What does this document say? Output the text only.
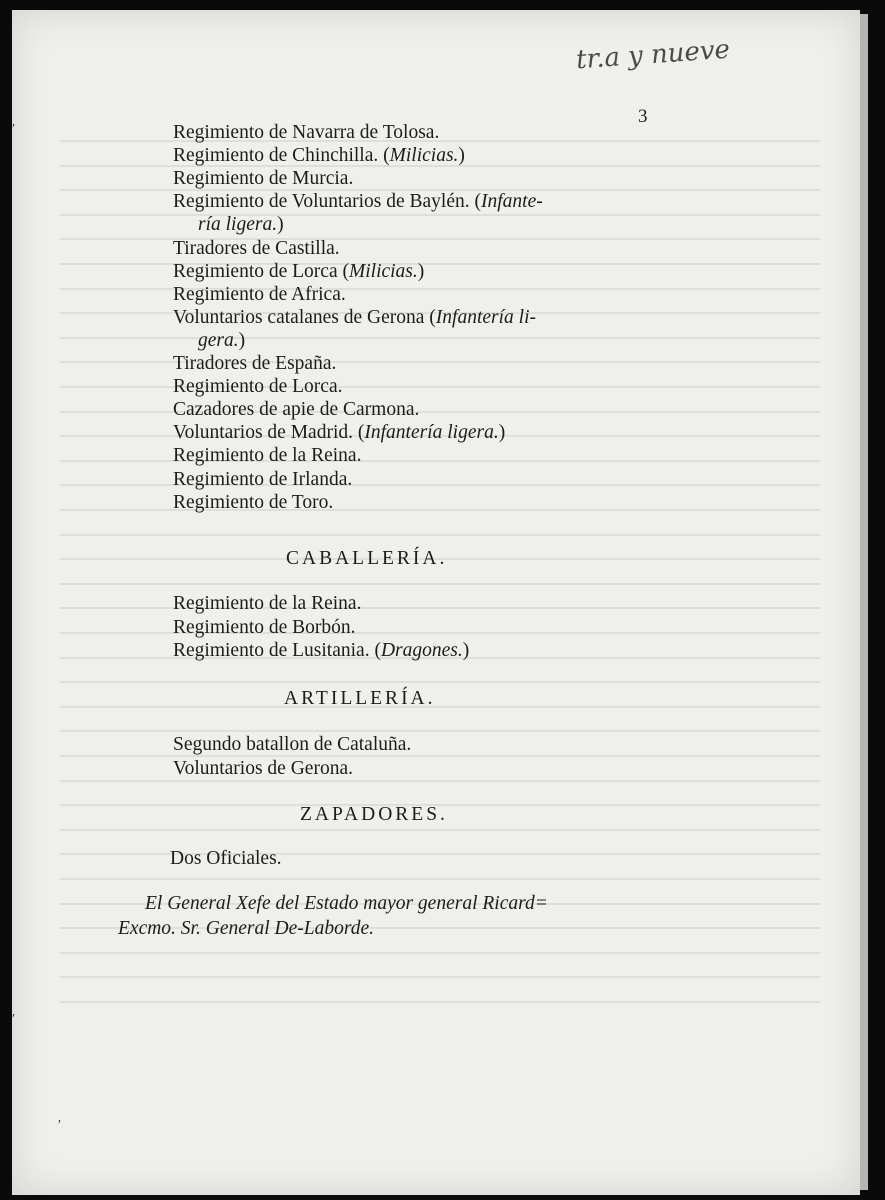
tr.a y nueve
3
CABALLERÍA.
ARTILLERÍA.
ZAPADORES.
El General Xefe del Estado mayor general Ricard=
Excmo. Sr. General De-Laborde.
Regimiento de Navarra de Tolosa.
Regimiento de Chinchilla. (Milicias.)
Regimiento de Murcia.
Regimiento de Voluntarios de Baylén. (Infante-
ría ligera.)
Tiradores de Castilla.
Regimiento de Lorca (Milicias.)
Regimiento de Africa.
Voluntarios catalanes de Gerona (Infantería li-
gera.)
Tiradores de España.
Regimiento de Lorca.
Cazadores de apie de Carmona.
Voluntarios de Madrid. (Infantería ligera.)
Regimiento de la Reina.
Regimiento de Irlanda.
Regimiento de Toro.
Regimiento de la Reina.
Regimiento de Borbón.
Regimiento de Lusitania. (Dragones.)
Segundo batallon de Cataluña.
Voluntarios de Gerona.
Dos Oficiales.
′
′
′
